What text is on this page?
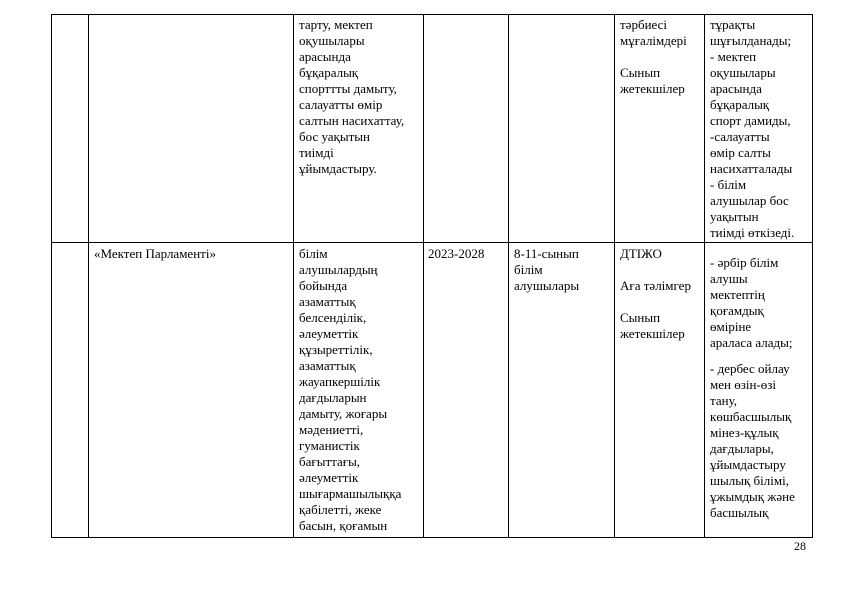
тарту, мектеп
оқушылары
арасында
бұқаралық
спорттты дамыту,
салауатты өмір
салтын насихаттау,
бос уақытын
тиімді
ұйымдастыру.
тәрбиесі
мұғалімдері

Сынып
жетекшілер
тұрақты
шұғылданады;
- мектеп
оқушылары
арасында
бұқаралық
спорт дамиды,
-салауатты
өмір салты
насихатталады
- білім
алушылар бос
уақытын
тиімді өткізеді.
«Мектеп Парламенті»	білім
алушылардың
бойында
азаматтық
белсенділік,
әлеуметтік
құзыреттілік,
азаматтық
жауапкершілік
дағдыларын
дамыту, жоғары
мәдениетті,
гуманистік
бағыттағы,
әлеуметтік
шығармашылыққа
қабілетті, жеке
басын, қоғамын
2023-2028	8-11-сынып
білім
алушылары
ДТІЖО

Аға тәлімгер

Сынып
жетекшілер
- әрбір білім
алушы
мектептің
қоғамдық
өміріне
араласа алады;
- дербес ойлау
мен өзін-өзі
тану,
көшбасшылық
мінез-құлық
дағдылары,
ұйымдастыру
шылық білімі,
ұжымдық және
басшылық
28
